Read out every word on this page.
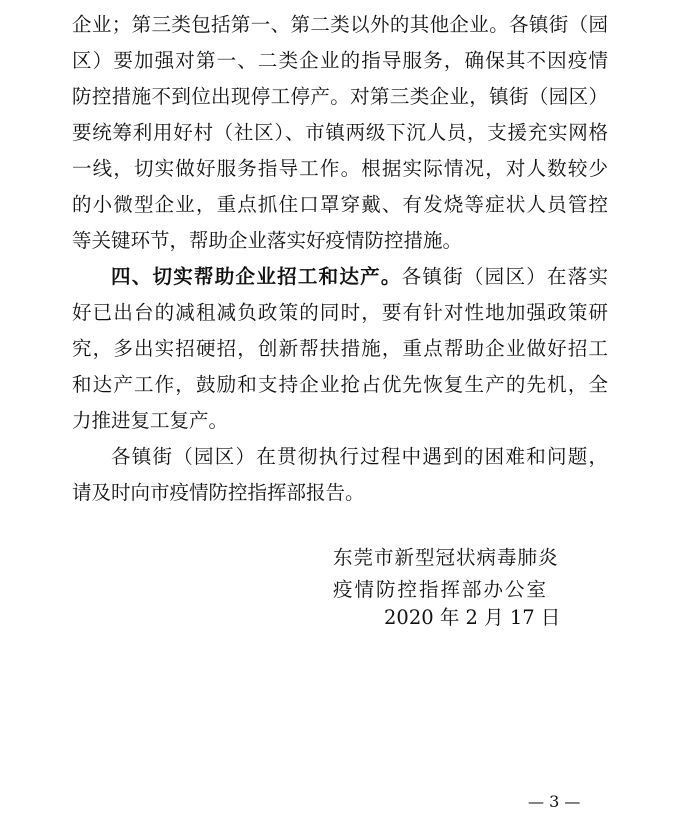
企业；第三类包括第一、第二类以外的其他企业。各镇街（园
区）要加强对第一、二类企业的指导服务，确保其不因疫情
防控措施不到位出现停工停产。对第三类企业，镇街（园区）
要统筹利用好村（社区）、市镇两级下沉人员，支援充实网格
一线，切实做好服务指导工作。根据实际情况，对人数较少
的小微型企业，重点抓住口罩穿戴、有发烧等症状人员管控
等关键环节，帮助企业落实好疫情防控措施。
四、切实帮助企业招工和达产。各镇街（园区）在落实
好已出台的减租减负政策的同时，要有针对性地加强政策研
究，多出实招硬招，创新帮扶措施，重点帮助企业做好招工
和达产工作，鼓励和支持企业抢占优先恢复生产的先机，全
力推进复工复产。
各镇街（园区）在贯彻执行过程中遇到的困难和问题，
请及时向市疫情防控指挥部报告。
东莞市新型冠状病毒肺炎
疫情防控指挥部办公室
2020 年 2 月 17 日
— 3 —
